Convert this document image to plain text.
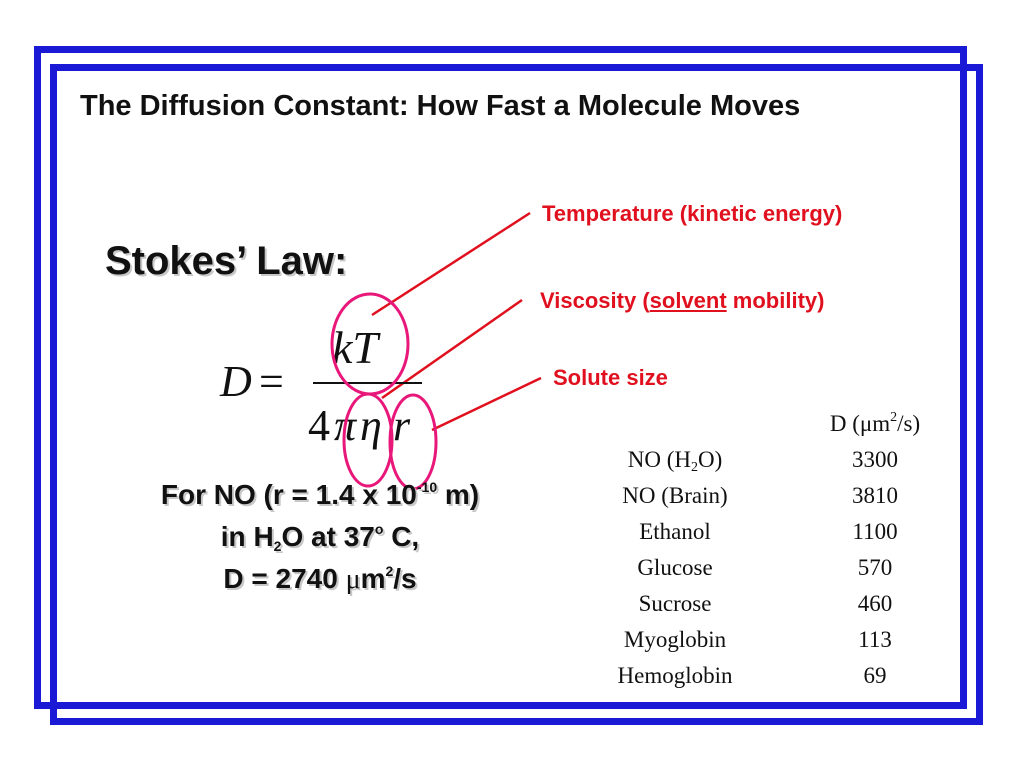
The Diffusion Constant: How Fast a Molecule Moves
Stokes’ Law:
D =
kT
4 π η r
Temperature (kinetic energy)
Viscosity (solvent mobility)
Solute size
For NO (r = 1.4 x $10^{-10}$ m)
in $H_2O$ at 37$^o$ C,
D = 2740 $\mu m^2/s$
	D $(\mu m^2/s)$
NO $(H_2O)$	3300
NO (Brain)	3810
Ethanol	1100
Glucose	570
Sucrose	460
Myoglobin	113
Hemoglobin	69
